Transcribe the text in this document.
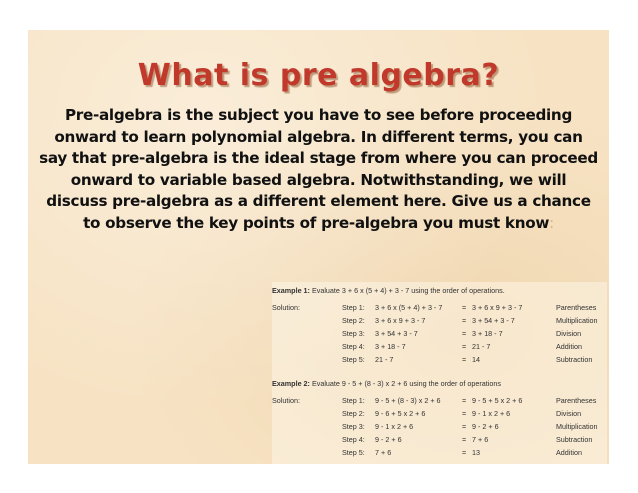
What is pre algebra?
Pre-algebra is the subject you have to see before proceeding onward to learn polynomial algebra. In different terms, you can say that pre-algebra is the ideal stage from where you can proceed onward to variable based algebra. Notwithstanding, we will discuss pre-algebra as a different element here. Give us a chance to observe the key points of pre-algebra you must know:
Example 1: Evaluate 3 + 6 x (5 + 4) + 3 - 7 using the order of operations.
Solution:	Step 1: 3 + 6 x (5 + 4) + 3 - 7	= 3 + 6 x 9 + 3 - 7	Parentheses
Step 2: 3 + 6 x 9 + 3 - 7	= 3 + 54 + 3 - 7	Multiplication
Step 3: 3 + 54 + 3 - 7	= 3 + 18 - 7	Division
Step 4: 3 + 18 - 7	= 21 - 7	Addition
Step 5: 21 - 7	= 14	Subtraction
Example 2: Evaluate 9 - 5 + (8 - 3) x 2 + 6 using the order of operations
Solution:	Step 1: 9 - 5 + (8 - 3) x 2 + 6	= 9 - 5 + 5 x 2 + 6	Parentheses
Step 2: 9 - 6 + 5 x 2 + 6	= 9 - 1 x 2 + 6	Division
Step 3: 9 - 1 x 2 + 6	= 9 - 2 + 6	Multiplication
Step 4: 9 - 2 + 6	= 7 + 6	Subtraction
Step 5: 7 + 6	= 13	Addition
